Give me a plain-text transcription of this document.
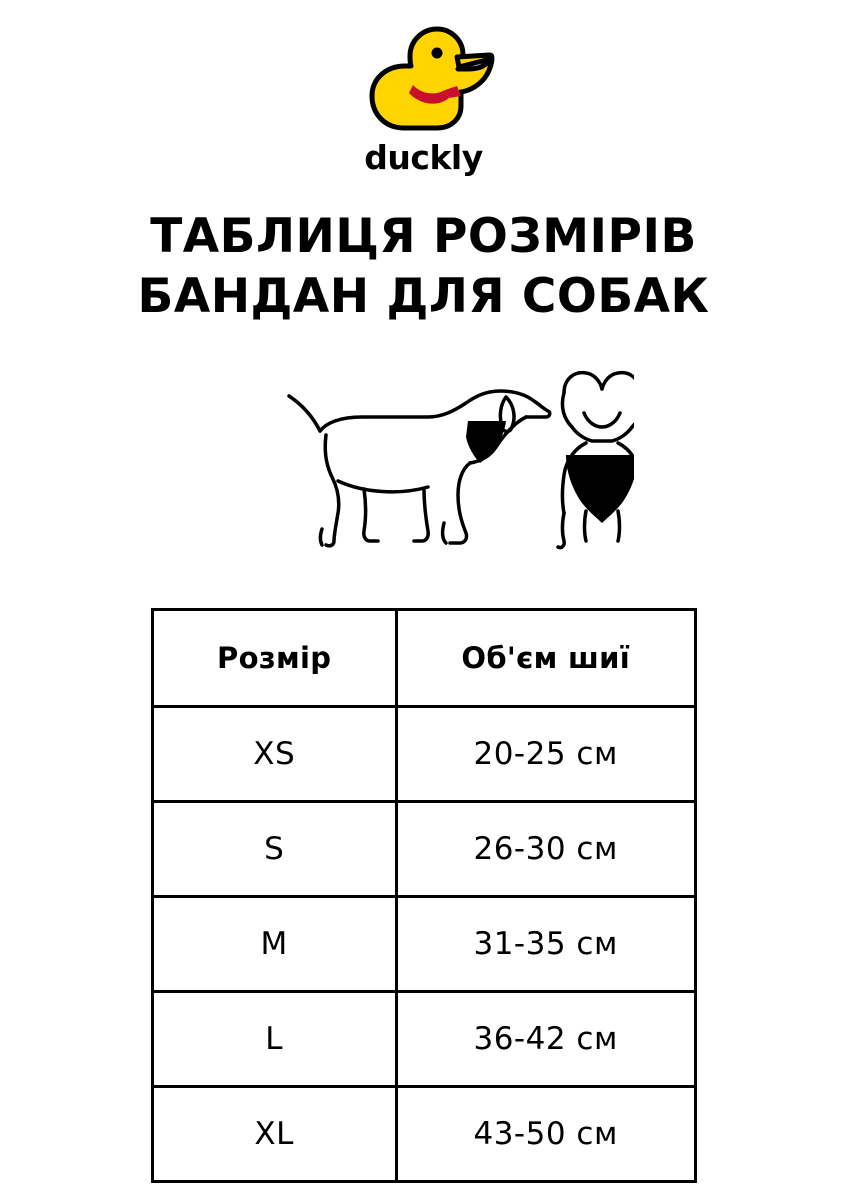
duckly
ТАБЛИЦЯ РОЗМІРІВ
БАНДАН ДЛЯ СОБАК
Розмір	Об'єм шиї
XS	20-25 см
S	26-30 см
M	31-35 см
L	36-42 см
XL	43-50 см
